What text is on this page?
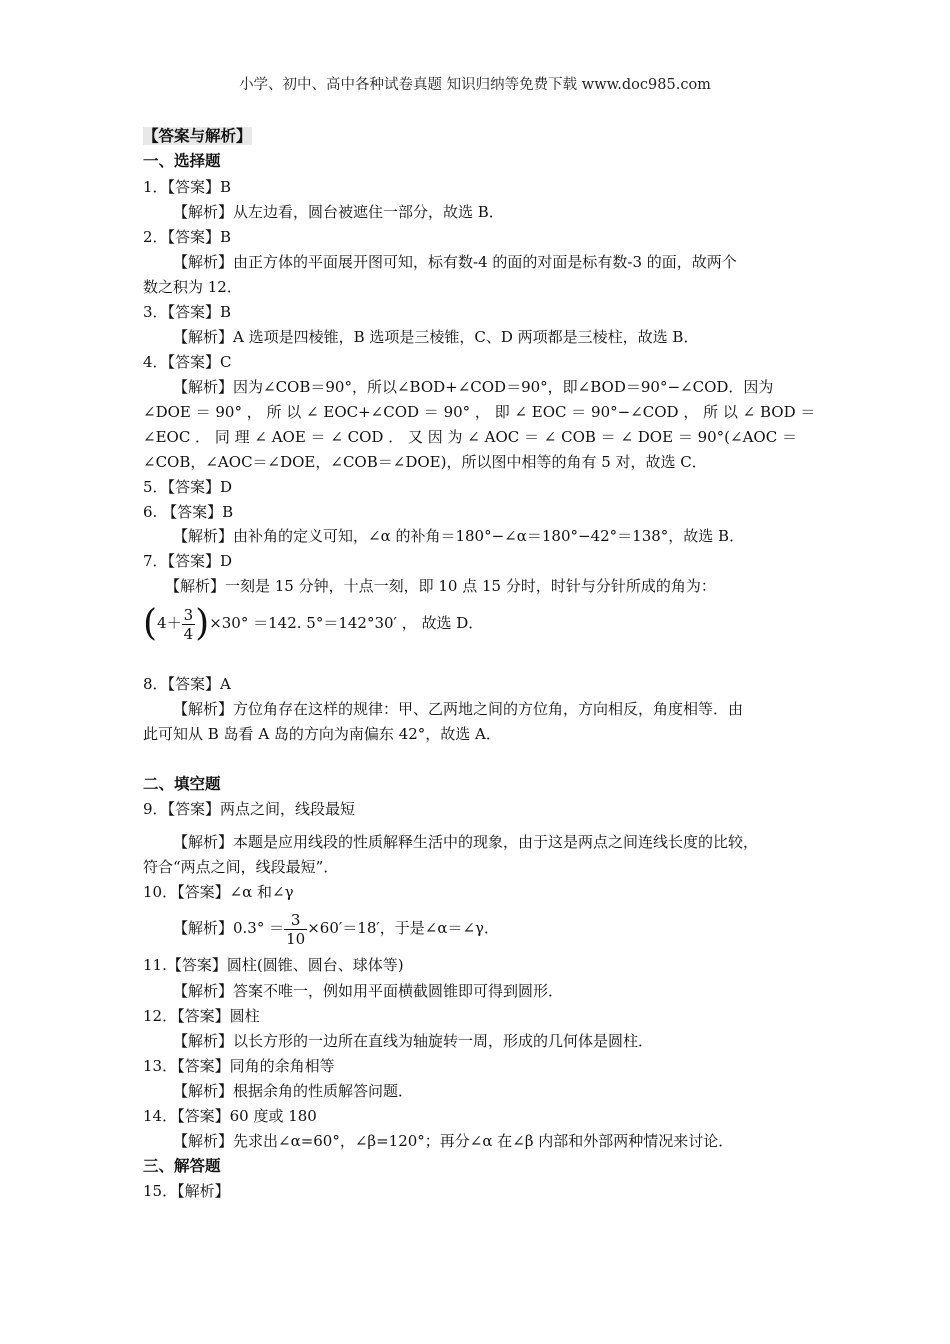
小学、初中、高中各种试卷真题 知识归纳等免费下载 www.doc985.com
【答案与解析】
一、选择题
1．【答案】B
【解析】从左边看，圆台被遮住一部分，故选 B．
2．【答案】B
【解析】由正方体的平面展开图可知，标有数-4 的面的对面是标有数-3 的面，故两个
数之积为 12．
3．【答案】B
【解析】A 选项是四棱锥，B 选项是三棱锥，C、D 两项都是三棱柱，故选 B．
4．【答案】C
【解析】因为∠COB＝90°，所以∠BOD+∠COD＝90°，即∠BOD＝90°−∠COD．因为
∠DOE ＝ 90° ， 所 以 ∠ EOC+∠COD ＝ 90° ， 即 ∠ EOC ＝ 90°−∠COD ， 所 以 ∠ BOD ＝
∠EOC ． 同 理 ∠ AOE ＝ ∠ COD ． 又 因 为 ∠ AOC ＝ ∠ COB ＝ ∠ DOE ＝ 90°(∠AOC ＝
∠COB，∠AOC＝∠DOE，∠COB＝∠DOE)，所以图中相等的角有 5 对，故选 C．
5．【答案】D
6. 【答案】B
【解析】由补角的定义可知，∠α 的补角＝180°−∠α＝180°−42°＝138°，故选 B．
7．【答案】D
【解析】一刻是 15 分钟，十点一刻，即 10 点 15 分时，时针与分针所成的角为：
$(4+ \frac{3}{4} )\times 30^\circ =142$. 5°＝142°30′ ， 故选 D．
8．【答案】A
【解析】方位角存在这样的规律：甲、乙两地之间的方位角，方向相反，角度相等．由
此可知从 B 岛看 A 岛的方向为南偏东 42°，故选 A．
二、填空题
9．【答案】两点之间，线段最短
【解析】本题是应用线段的性质解释生活中的现象，由于这是两点之间连线长度的比较，
符合“两点之间，线段最短”．
10．【答案】∠α 和∠γ
【解析】$0.3^\circ = \frac{3}{10} \times 60'=18'$，于是∠α＝∠γ．
11.【答案】圆柱(圆锥、圆台、球体等)
【解析】答案不唯一，例如用平面横截圆锥即可得到圆形．
12．【答案】圆柱
【解析】以长方形的一边所在直线为轴旋转一周，形成的几何体是圆柱．
13．【答案】同角的余角相等
【解析】根据余角的性质解答问题．
14．【答案】60 度或 180
【解析】先求出∠α=60°，∠β=120°；再分∠α 在∠β 内部和外部两种情况来讨论．
三、解答题
15．【解析】
